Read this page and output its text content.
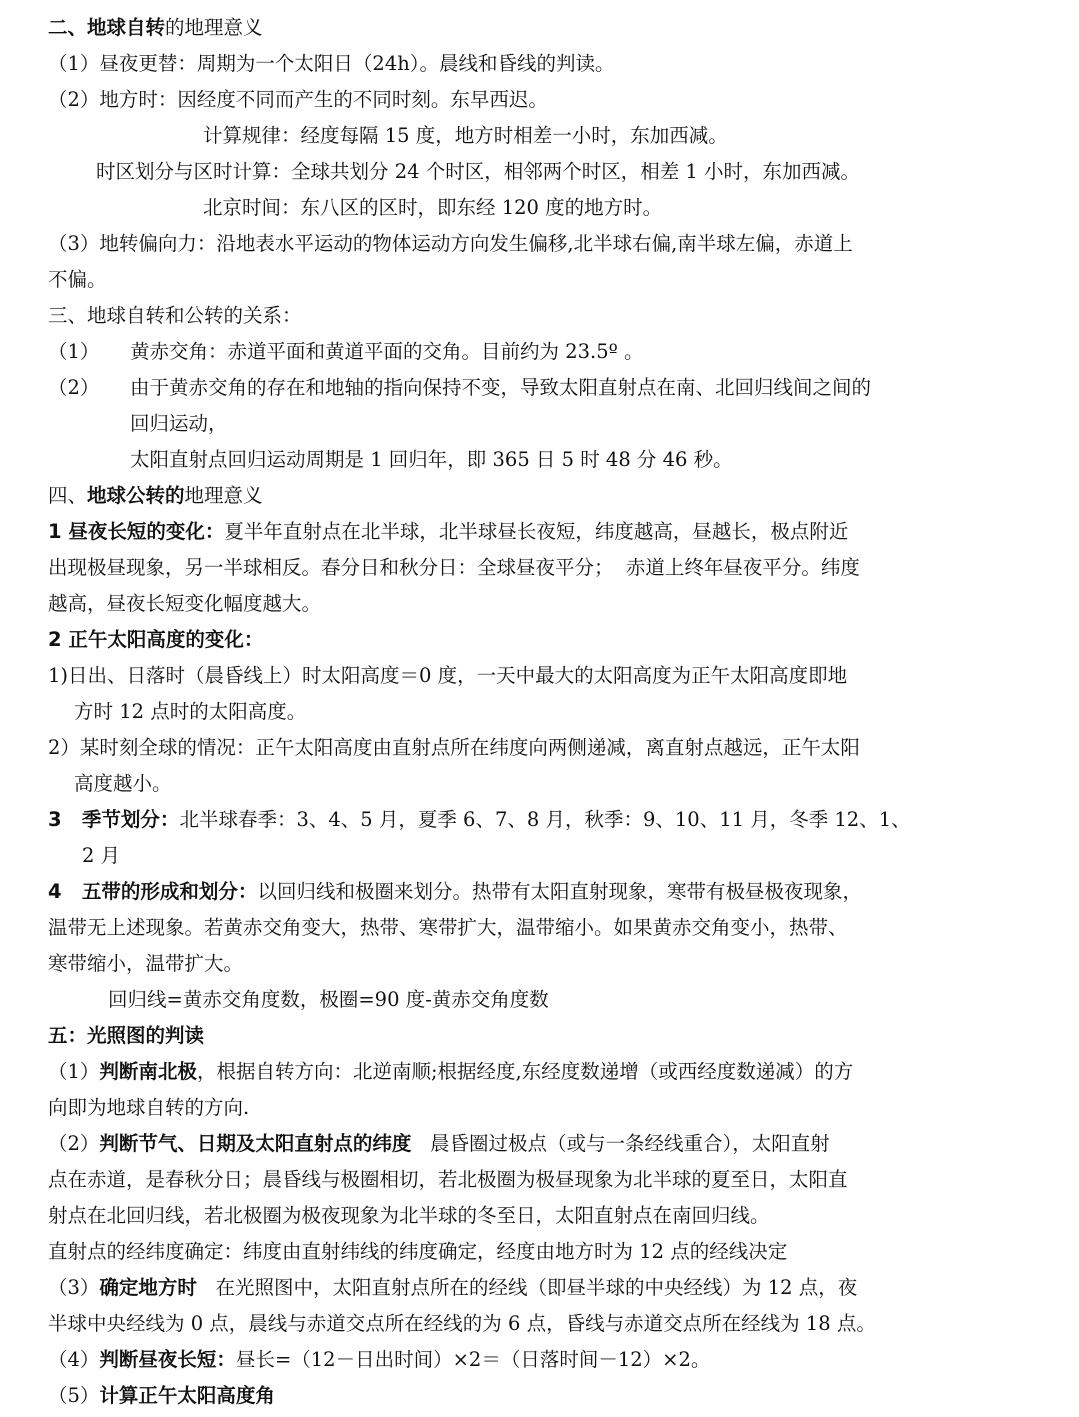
二、地球自转的地理意义

（1）昼夜更替：周期为一个太阳日（24h）。晨线和昏线的判读。

（2）地方时：因经度不同而产生的不同时刻。东早西迟。

计算规律：经度每隔 15 度，地方时相差一小时，东加西减。

时区划分与区时计算：全球共划分 24 个时区，相邻两个时区，相差 1 小时，东加西减。

北京时间：东八区的区时，即东经 120 度的地方时。

（3）地转偏向力：沿地表水平运动的物体运动方向发生偏移,北半球右偏,南半球左偏，赤道上

不偏。

三、地球自转和公转的关系：

（1）	黄赤交角：赤道平面和黄道平面的交角。目前约为 23.5º 。
（2）	由于黄赤交角的存在和地轴的指向保持不变，导致太阳直射点在南、北回归线间之间的
回归运动，

太阳直射点回归运动周期是 1 回归年，即 365 日 5 时 48 分 46 秒。

四、地球公转的地理意义

1 昼夜长短的变化：夏半年直射点在北半球，北半球昼长夜短，纬度越高，昼越长，极点附近

出现极昼现象，另一半球相反。春分日和秋分日：全球昼夜平分；  赤道上终年昼夜平分。纬度

越高，昼夜长短变化幅度越大。

2 正午太阳高度的变化：

1)日出、日落时（晨昏线上）时太阳高度＝0 度，一天中最大的太阳高度为正午太阳高度即地

方时 12 点时的太阳高度。

2）某时刻全球的情况：正午太阳高度由直射点所在纬度向两侧递减，离直射点越远，正午太阳

高度越小。

3   季节划分：北半球春季：3、4、5 月，夏季 6、7、8 月，秋季：9、10、11 月，冬季 12、1、

2 月

4   五带的形成和划分：以回归线和极圈来划分。热带有太阳直射现象，寒带有极昼极夜现象，

温带无上述现象。若黄赤交角变大，热带、寒带扩大，温带缩小。如果黄赤交角变小，热带、

寒带缩小，温带扩大。

回归线=黄赤交角度数，极圈=90 度-黄赤交角度数

五：光照图的判读

（1）判断南北极，根据自转方向：北逆南顺;根据经度,东经度数递增（或西经度数递减）的方

向即为地球自转的方向.

（2）判断节气、日期及太阳直射点的纬度   晨昏圈过极点（或与一条经线重合），太阳直射

点在赤道，是春秋分日；晨昏线与极圈相切，若北极圈为极昼现象为北半球的夏至日，太阳直

射点在北回归线，若北极圈为极夜现象为北半球的冬至日，太阳直射点在南回归线。

直射点的经纬度确定：纬度由直射纬线的纬度确定，经度由地方时为 12 点的经线决定

（3）确定地方时   在光照图中，太阳直射点所在的经线（即昼半球的中央经线）为 12 点，夜

半球中央经线为 0 点，晨线与赤道交点所在经线的为 6 点，昏线与赤道交点所在经线为 18 点。

（4）判断昼夜长短：昼长=（12－日出时间）×2＝（日落时间－12）×2。

（5）计算正午太阳高度角
